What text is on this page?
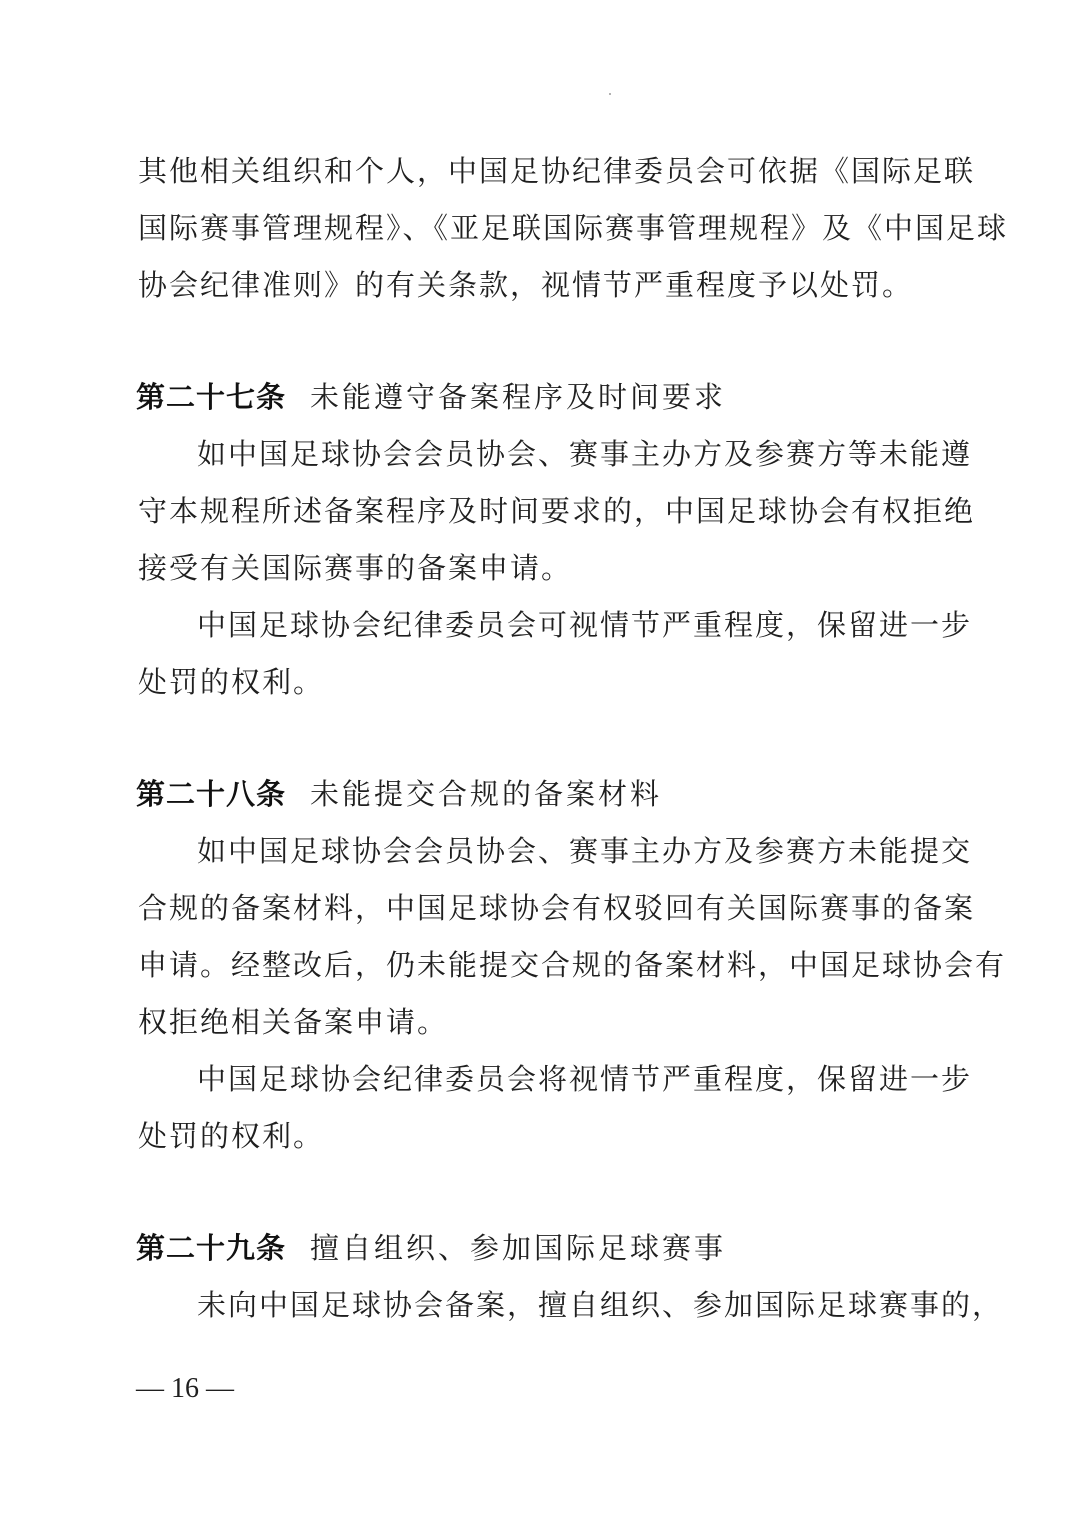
其他相关组织和个人，中国足协纪律委员会可依据《国际足联
国际赛事管理规程》、《亚足联国际赛事管理规程》及《中国足球
协会纪律准则》的有关条款，视情节严重程度予以处罚。
第二十七条 未能遵守备案程序及时间要求
如中国足球协会会员协会、赛事主办方及参赛方等未能遵
守本规程所述备案程序及时间要求的，中国足球协会有权拒绝
接受有关国际赛事的备案申请。
中国足球协会纪律委员会可视情节严重程度，保留进一步
处罚的权利。
第二十八条 未能提交合规的备案材料
如中国足球协会会员协会、赛事主办方及参赛方未能提交
合规的备案材料，中国足球协会有权驳回有关国际赛事的备案
申请。经整改后，仍未能提交合规的备案材料，中国足球协会有
权拒绝相关备案申请。
中国足球协会纪律委员会将视情节严重程度，保留进一步
处罚的权利。
第二十九条 擅自组织、参加国际足球赛事
未向中国足球协会备案，擅自组织、参加国际足球赛事的，
— 16 —
